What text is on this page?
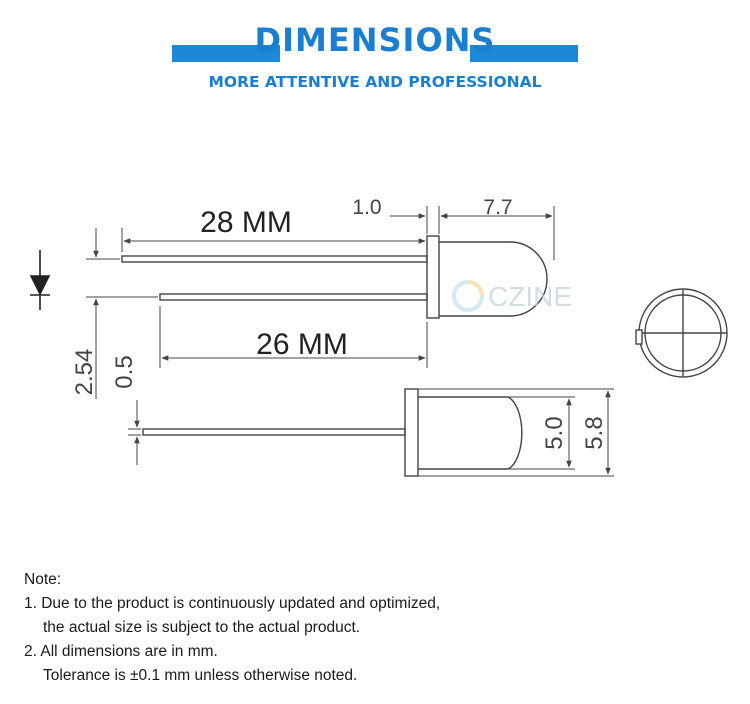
DIMENSIONS
MORE ATTENTIVE AND PROFESSIONAL
28 MM	1.0	7.7
26 MM
2.54
CZINE
5.0 5.8
0.5
Note:
1. Due to the product is continuously updated and optimized,
the actual size is subject to the actual product.
2. All dimensions are in mm.
Tolerance is ±0.1 mm unless otherwise noted.
